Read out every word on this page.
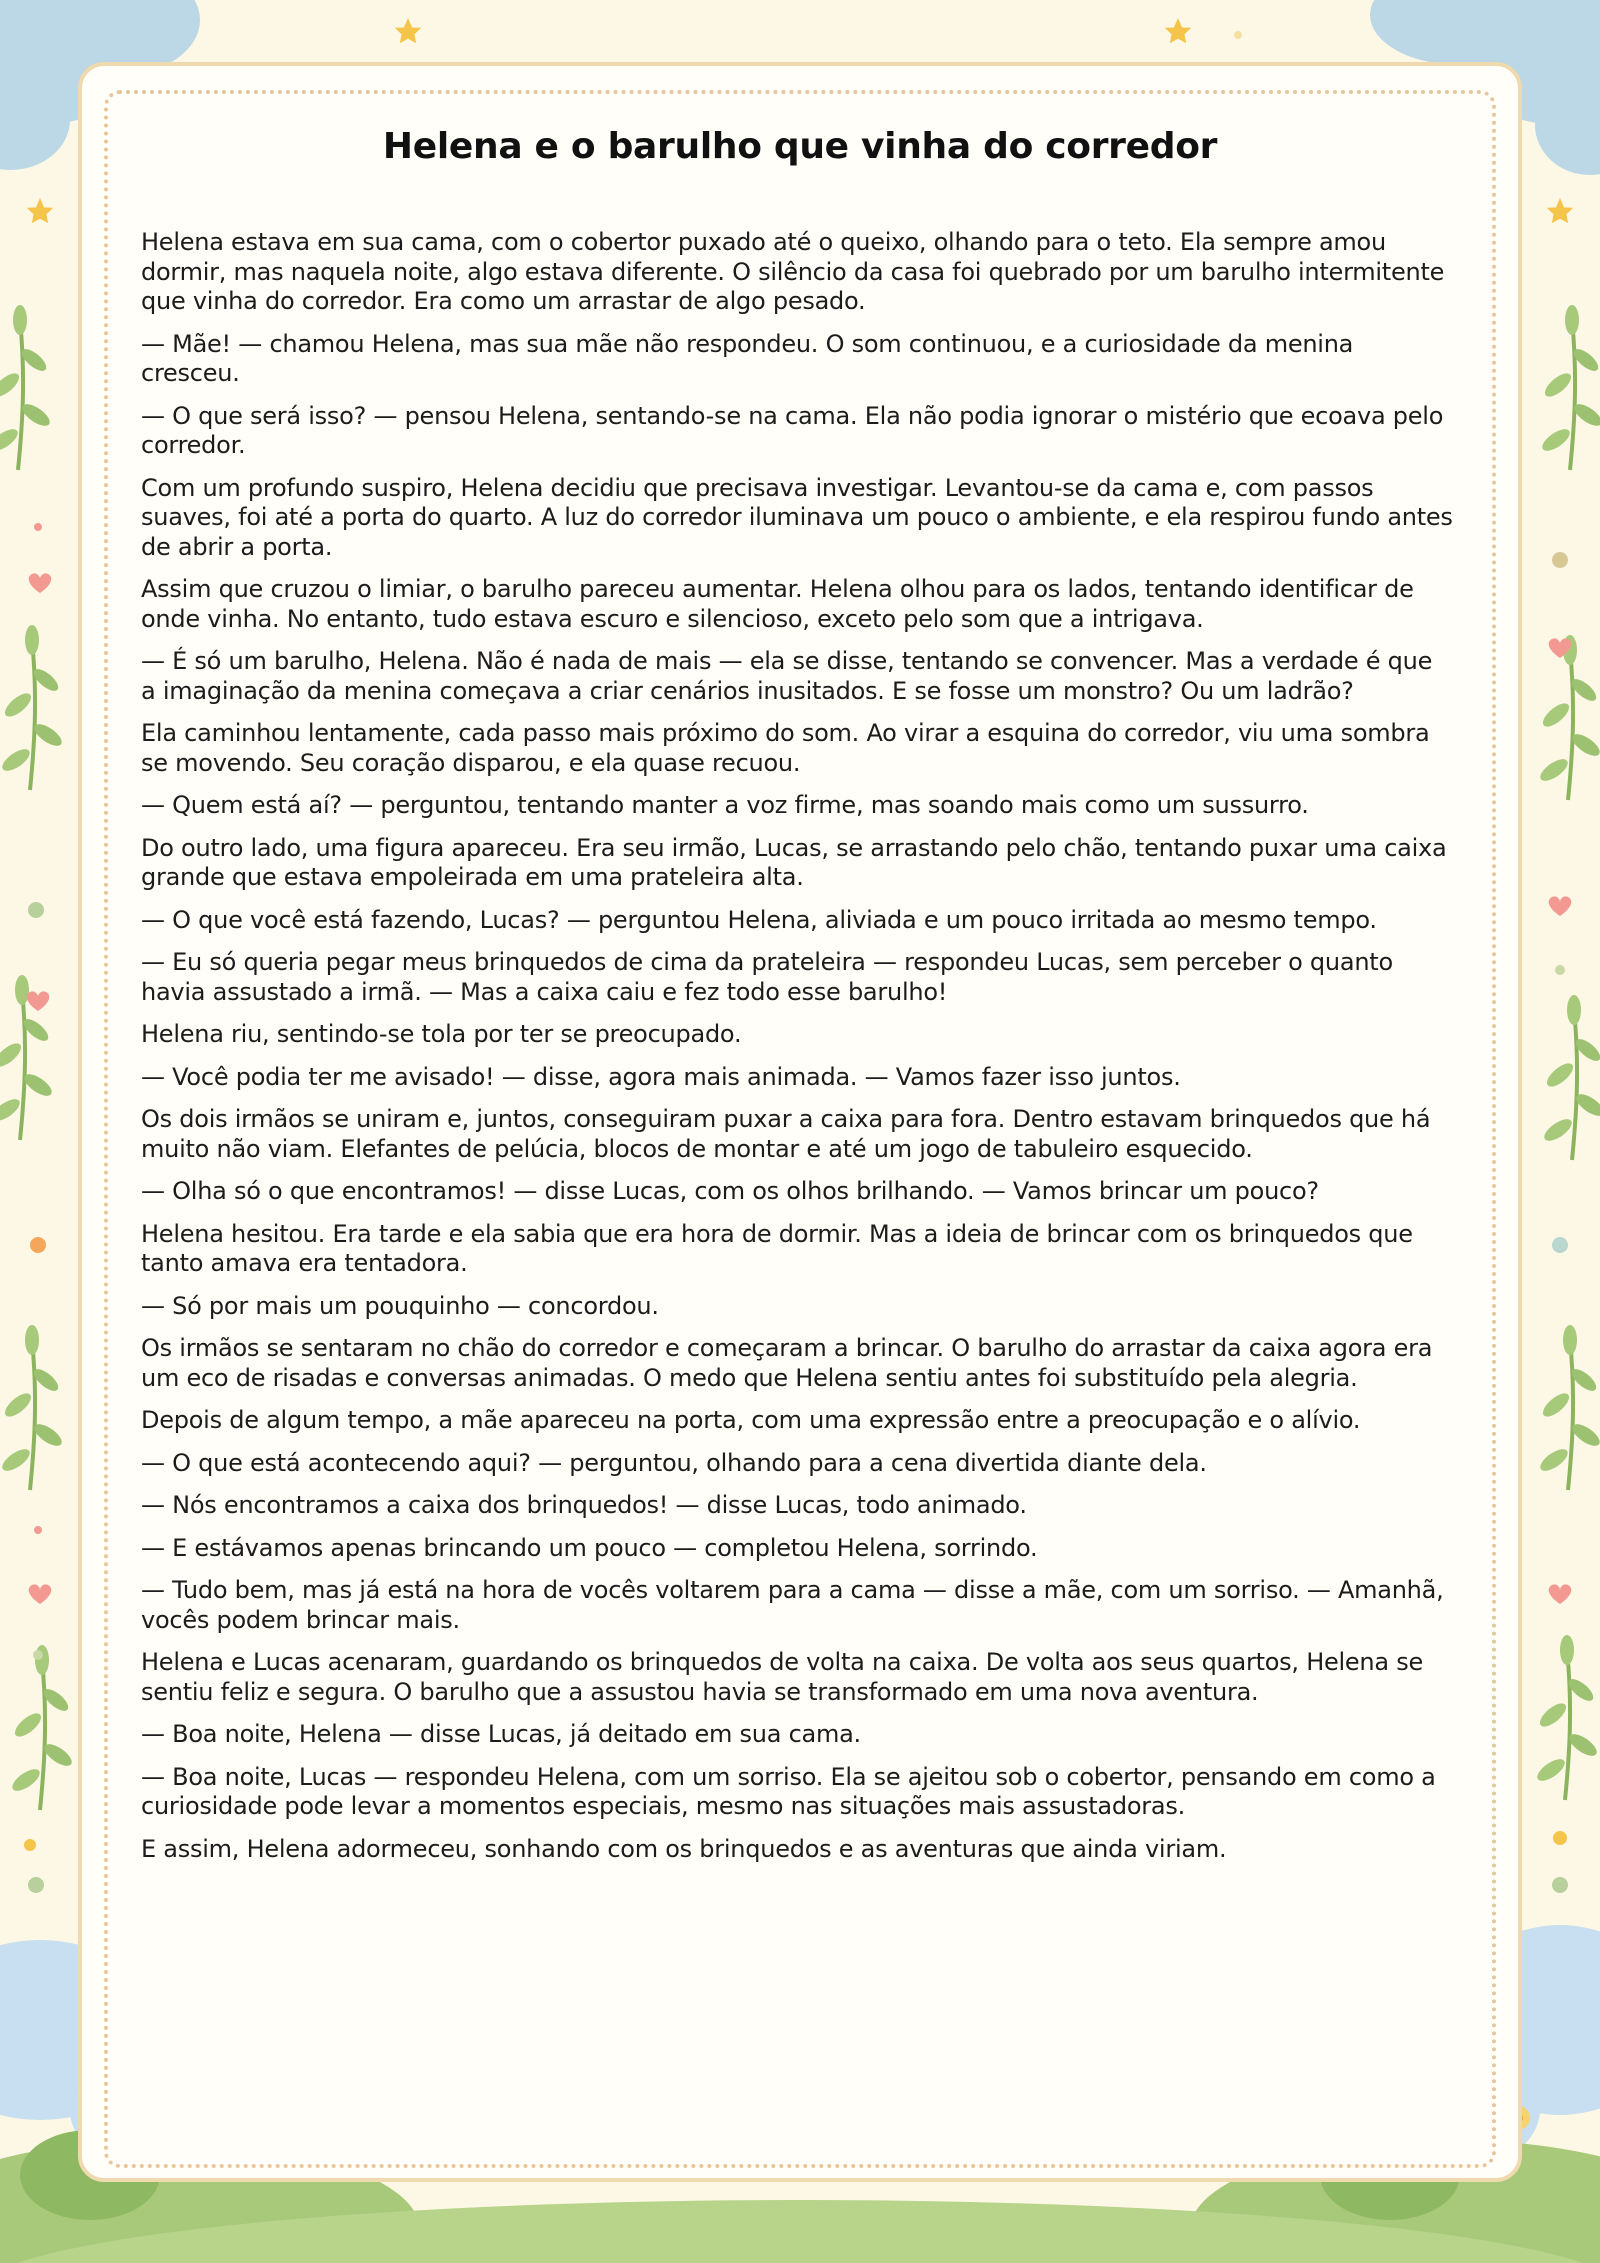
Helena e o barulho que vinha do corredor

Helena estava em sua cama, com o cobertor puxado até o queixo, olhando para o teto. Ela sempre amou dormir, mas naquela noite, algo estava diferente. O silêncio da casa foi quebrado por um barulho intermitente que vinha do corredor. Era como um arrastar de algo pesado.

— Mãe! — chamou Helena, mas sua mãe não respondeu. O som continuou, e a curiosidade da menina cresceu.

— O que será isso? — pensou Helena, sentando-se na cama. Ela não podia ignorar o mistério que ecoava pelo corredor.

Com um profundo suspiro, Helena decidiu que precisava investigar. Levantou-se da cama e, com passos suaves, foi até a porta do quarto. A luz do corredor iluminava um pouco o ambiente, e ela respirou fundo antes de abrir a porta.

Assim que cruzou o limiar, o barulho pareceu aumentar. Helena olhou para os lados, tentando identificar de onde vinha. No entanto, tudo estava escuro e silencioso, exceto pelo som que a intrigava.

— É só um barulho, Helena. Não é nada de mais — ela se disse, tentando se convencer. Mas a verdade é que a imaginação da menina começava a criar cenários inusitados. E se fosse um monstro? Ou um ladrão?

Ela caminhou lentamente, cada passo mais próximo do som. Ao virar a esquina do corredor, viu uma sombra se movendo. Seu coração disparou, e ela quase recuou.

— Quem está aí? — perguntou, tentando manter a voz firme, mas soando mais como um sussurro.

Do outro lado, uma figura apareceu. Era seu irmão, Lucas, se arrastando pelo chão, tentando puxar uma caixa grande que estava empoleirada em uma prateleira alta.

— O que você está fazendo, Lucas? — perguntou Helena, aliviada e um pouco irritada ao mesmo tempo.

— Eu só queria pegar meus brinquedos de cima da prateleira — respondeu Lucas, sem perceber o quanto havia assustado a irmã. — Mas a caixa caiu e fez todo esse barulho!

Helena riu, sentindo-se tola por ter se preocupado.

— Você podia ter me avisado! — disse, agora mais animada. — Vamos fazer isso juntos.

Os dois irmãos se uniram e, juntos, conseguiram puxar a caixa para fora. Dentro estavam brinquedos que há muito não viam. Elefantes de pelúcia, blocos de montar e até um jogo de tabuleiro esquecido.

— Olha só o que encontramos! — disse Lucas, com os olhos brilhando. — Vamos brincar um pouco?

Helena hesitou. Era tarde e ela sabia que era hora de dormir. Mas a ideia de brincar com os brinquedos que tanto amava era tentadora.

— Só por mais um pouquinho — concordou.

Os irmãos se sentaram no chão do corredor e começaram a brincar. O barulho do arrastar da caixa agora era um eco de risadas e conversas animadas. O medo que Helena sentiu antes foi substituído pela alegria.

Depois de algum tempo, a mãe apareceu na porta, com uma expressão entre a preocupação e o alívio.

— O que está acontecendo aqui? — perguntou, olhando para a cena divertida diante dela.

— Nós encontramos a caixa dos brinquedos! — disse Lucas, todo animado.

— E estávamos apenas brincando um pouco — completou Helena, sorrindo.

— Tudo bem, mas já está na hora de vocês voltarem para a cama — disse a mãe, com um sorriso. — Amanhã, vocês podem brincar mais.

Helena e Lucas acenaram, guardando os brinquedos de volta na caixa. De volta aos seus quartos, Helena se sentiu feliz e segura. O barulho que a assustou havia se transformado em uma nova aventura.

— Boa noite, Helena — disse Lucas, já deitado em sua cama.

— Boa noite, Lucas — respondeu Helena, com um sorriso. Ela se ajeitou sob o cobertor, pensando em como a curiosidade pode levar a momentos especiais, mesmo nas situações mais assustadoras.

E assim, Helena adormeceu, sonhando com os brinquedos e as aventuras que ainda viriam.
